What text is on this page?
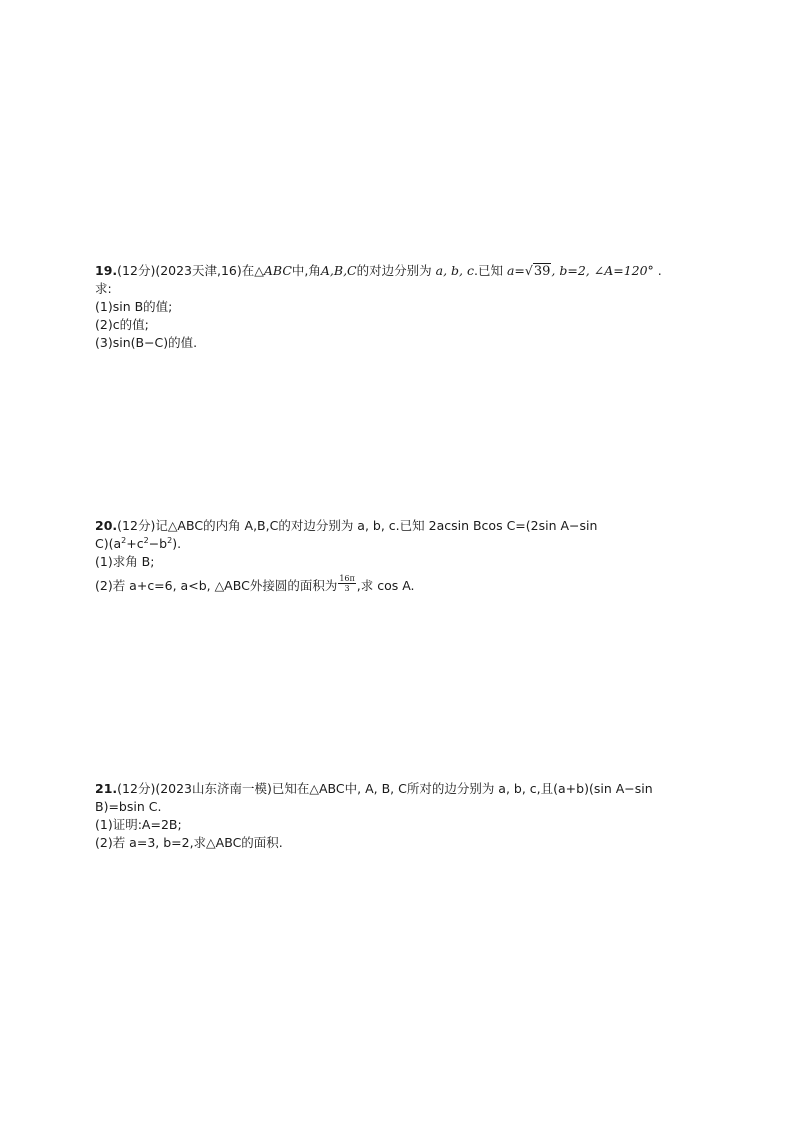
19.(12分)(2023天津,16)在△ABC中,角A,B,C的对边分别为 a, b, c.已知 a=√39, b=2, ∠A=120° .
求:
(1)sin B的值;
(2)c的值;
(3)sin(B−C)的值.
20.(12分)记△ABC的内角 A,B,C的对边分别为 a, b, c.已知 2acsin Bcos C=(2sin A−sin
$C)(a^2+c^2-b^2)$.
(1)求角 B;
(2)若 a+c=6, a<b, △ABC外接圆的面积为 $\frac{16\pi}{3}$ ,求 cos A.
21.(12分)(2023山东济南一模)已知在△ABC中, A, B, C所对的边分别为 a, b, c,且(a+b)(sin A−sin
B)=bsin C.
(1)证明:A=2B;
(2)若 a=3, b=2,求△ABC的面积.
